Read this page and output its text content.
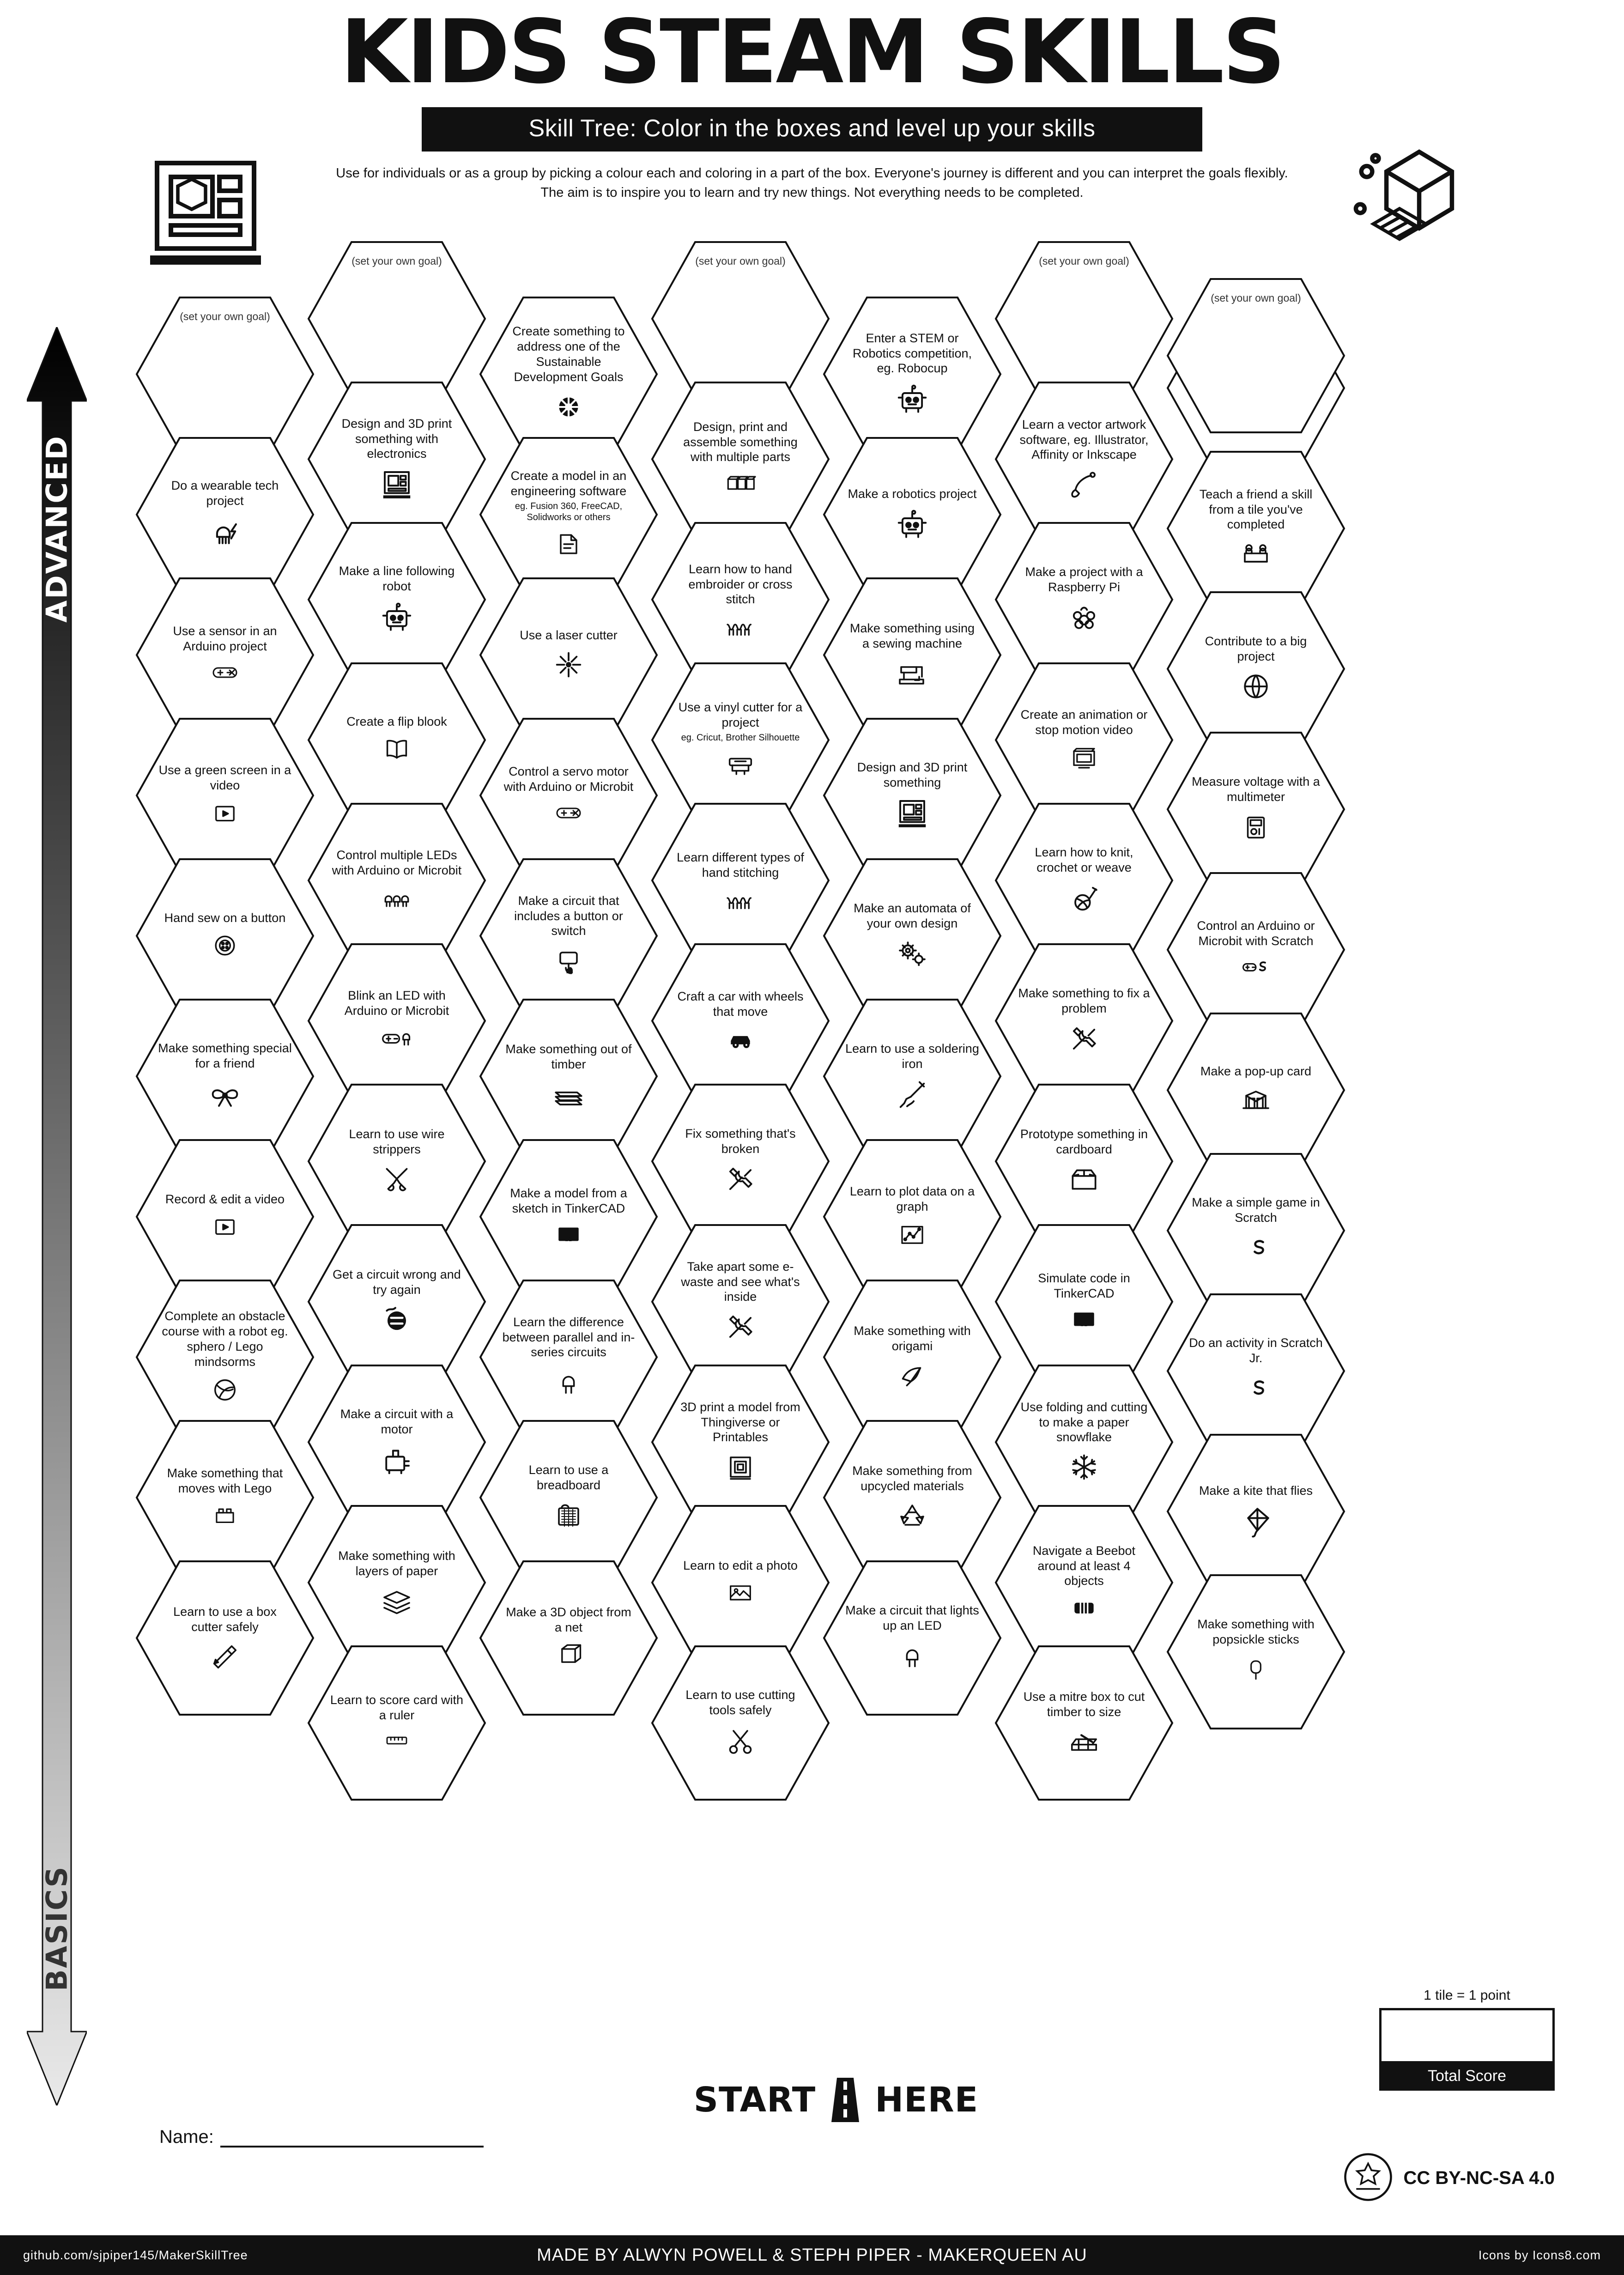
KIDS STEAM SKILLS
Skill Tree: Color in the boxes and level up your skills
Use for individuals or as a group by picking a colour each and coloring in a part of the box. Everyone's journey is different and you can interpret the goals flexibly. The aim is to inspire you to learn and try new things. Not everything needs to be completed.
ADVANCED
BASICS
(set your own goal)
Do a wearable tech project
Use a sensor in an Arduino project
Use a green screen in a video
Hand sew on a button
Make something special for a friend
Record & edit a video
Complete an obstacle course with a robot eg. sphero / Lego mindsorms
Make something that moves with Lego
Learn to use a box cutter safely
(set your own goal)
Design and 3D print something with electronics
Make a line following robot
Create a flip blook
Control multiple LEDs with Arduino or Microbit
Blink an LED with Arduino or Microbit
Learn to use wire strippers
Get a circuit wrong and try again
Make a circuit with a motor
Make something with layers of paper
Learn to score card with a ruler
Create something to address one of the Sustainable Development Goals
Create a model in an engineering software
eg. Fusion 360, FreeCAD, Solidworks or others
Use a laser cutter
Control a servo motor with Arduino or Microbit
Make a circuit that includes a button or switch
Make something out of timber
Make a model from a sketch in TinkerCAD
TIN
KER
CAD
Learn the difference between parallel and in-series circuits
Learn to use a breadboard
Make a 3D object from a net
(set your own goal)
Design, print and assemble something with multiple parts
Learn how to hand embroider or cross stitch
Use a vinyl cutter for a project
eg. Cricut, Brother Silhouette
Learn different types of hand stitching
Craft a car with wheels that move
Fix something that's broken
Take apart some e-waste and see what's inside
3D print a model from Thingiverse or Printables
Learn to edit a photo
Learn to use cutting tools safely
Enter a STEM or Robotics competition, eg. Robocup
Make a robotics project
Make something using a sewing machine
Design and 3D print something
Make an automata of your own design
Learn to use a soldering iron
Learn to plot data on a graph
Make something with origami
Make something from upcycled materials
Make a circuit that lights up an LED
(set your own goal)
Learn a vector artwork software, eg. Illustrator, Affinity or Inkscape
Make a project with a Raspberry Pi
Create an animation or stop motion video
Learn how to knit, crochet or weave
Make something to fix a problem
Prototype something in cardboard
Simulate code in TinkerCAD
TIN
KER
CAD
Use folding and cutting to make a paper snowflake
Navigate a Beebot around at least 4 objects
Use a mitre box to cut timber to size
Teach a friend a skill from a tile you've completed
Contribute to a big project
Measure voltage with a multimeter
Control an Arduino or Microbit with Scratch
Make a pop-up card
Make a simple game in Scratch
Do an activity in Scratch Jr.
Make a kite that flies
Make something with popsickle sticks
(set your own goal)
START HERE
Name:
1 tile = 1 point
Total Score
CC BY-NC-SA 4.0
github.com/sjpiper145/MakerSkillTree	MADE BY ALWYN POWELL & STEPH PIPER - MAKERQUEEN AU	Icons by Icons8.com
